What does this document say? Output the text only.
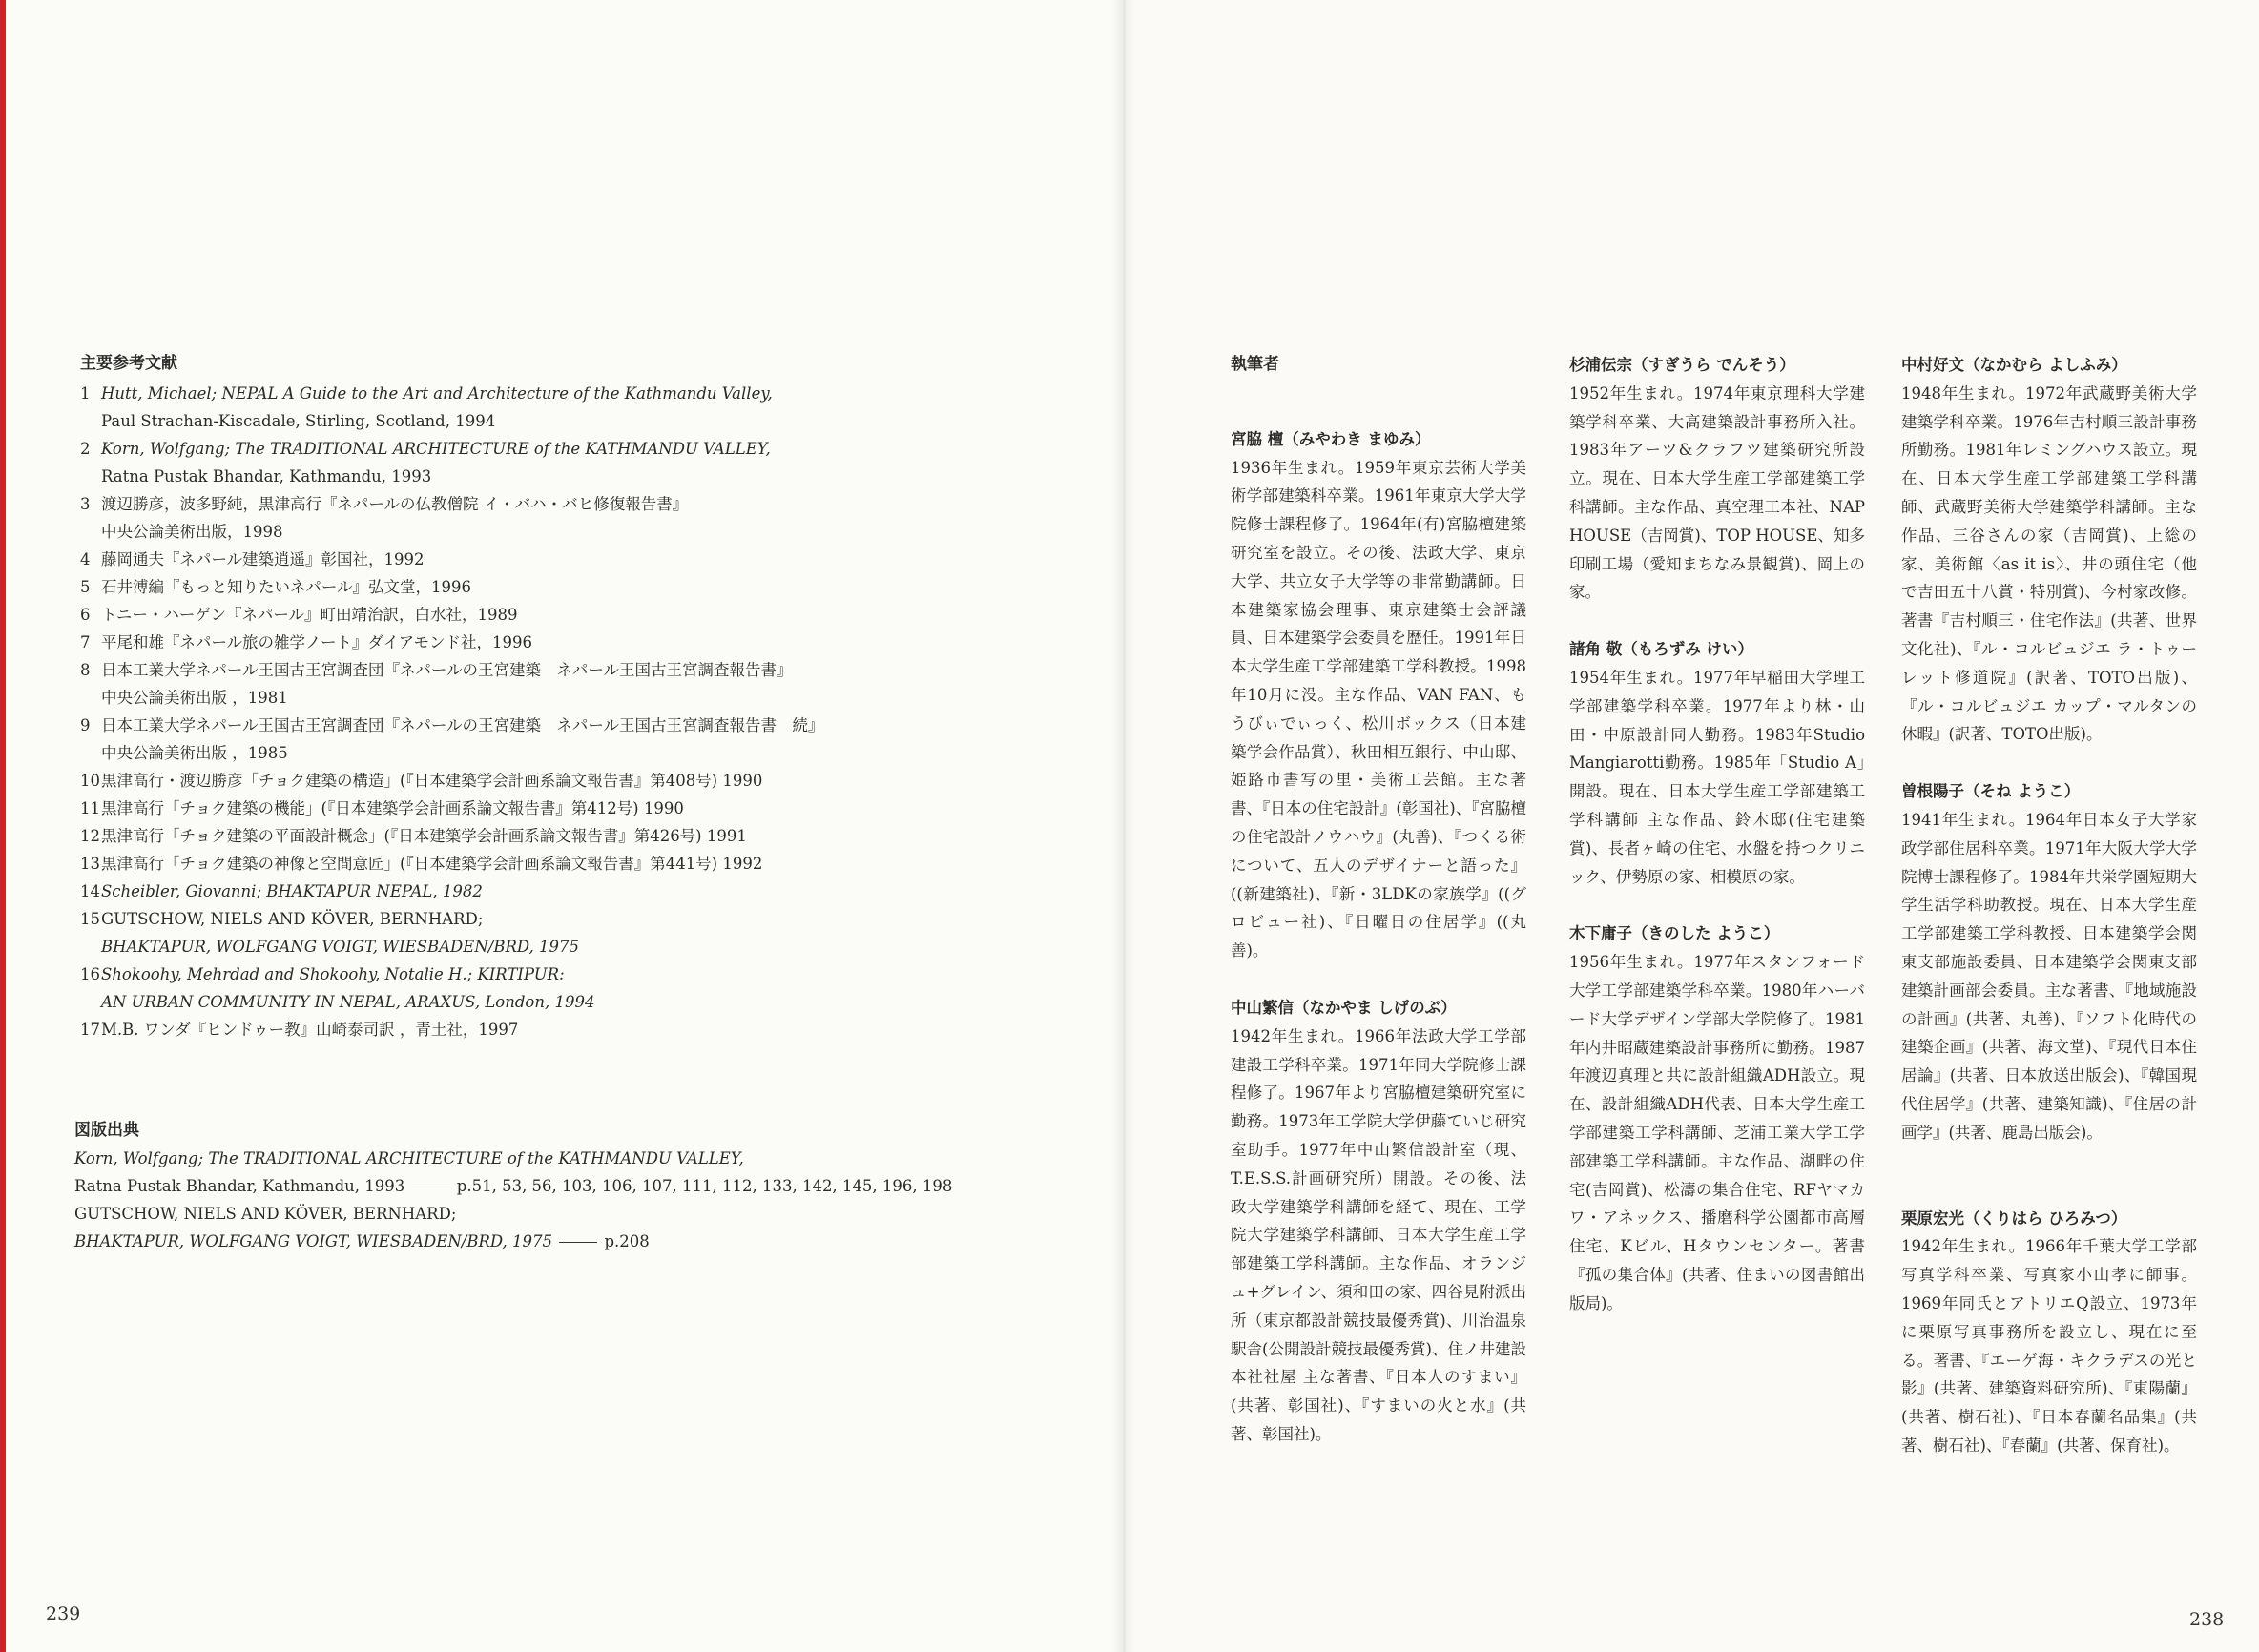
主要参考文献
1 Hutt, Michael; NEPAL A Guide to the Art and Architecture of the Kathmandu Valley,
Paul Strachan-Kiscadale, Stirling, Scotland, 1994
2 Korn, Wolfgang; The TRADITIONAL ARCHITECTURE of the KATHMANDU VALLEY,
Ratna Pustak Bhandar, Kathmandu, 1993
3 渡辺勝彦，波多野純，黒津高行『ネパールの仏教僧院 イ・バハ・バヒ修復報告書』
中央公論美術出版，1998
4 藤岡通夫『ネパール建築逍遥』彰国社，1992
5 石井溥編『もっと知りたいネパール』弘文堂，1996
6 トニー・ハーゲン『ネパール』町田靖治訳，白水社，1989
7 平尾和雄『ネパール旅の雑学ノート』ダイアモンド社，1996
8 日本工業大学ネパール王国古王宮調査団『ネパールの王宮建築　ネパール王国古王宮調査報告書』
中央公論美術出版 ，1981
9 日本工業大学ネパール王国古王宮調査団『ネパールの王宮建築　ネパール王国古王宮調査報告書　続』
中央公論美術出版 ，1985
10 黒津高行・渡辺勝彦「チョク建築の構造」(『日本建築学会計画系論文報告書』第408号) 1990
11 黒津高行「チョク建築の機能」(『日本建築学会計画系論文報告書』第412号) 1990
12 黒津高行「チョク建築の平面設計概念」(『日本建築学会計画系論文報告書』第426号) 1991
13 黒津高行「チョク建築の神像と空間意匠」(『日本建築学会計画系論文報告書』第441号) 1992
14 Scheibler, Giovanni; BHAKTAPUR NEPAL, 1982
15 GUTSCHOW, NIELS AND KÖVER, BERNHARD;
BHAKTAPUR, WOLFGANG VOIGT, WIESBADEN/BRD, 1975
16 Shokoohy, Mehrdad and Shokoohy, Notalie H.; KIRTIPUR:
AN URBAN COMMUNITY IN NEPAL, ARAXUS, London, 1994
17 M.B. ワンダ『ヒンドゥー教』山崎泰司訳 ，青土社，1997
図版出典
Korn, Wolfgang; The TRADITIONAL ARCHITECTURE of the KATHMANDU VALLEY,
Ratna Pustak Bhandar, Kathmandu, 1993	p.51, 53, 56, 103, 106, 107, 111, 112, 133, 142, 145, 196, 198
GUTSCHOW, NIELS AND KÖVER, BERNHARD;
BHAKTAPUR, WOLFGANG VOIGT, WIESBADEN/BRD, 1975	p.208
239
執筆者
宮脇 檀（みやわき まゆみ）

1936年生まれ。1959年東京芸術大学美術学部建築科卒業。1961年東京大学大学院修士課程修了。1964年(有)宮脇檀建築研究室を設立。その後、法政大学、東京大学、共立女子大学等の非常勤講師。日本建築家協会理事、東京建築士会評議員、日本建築学会委員を歴任。1991年日本大学生産工学部建築工学科教授。1998年10月に没。主な作品、VAN FAN、もうびぃでぃっく、松川ボックス（日本建築学会作品賞）、秋田相互銀行、中山邸、姫路市書写の里・美術工芸館。主な著書、『日本の住宅設計』(彰国社)、『宮脇檀の住宅設計ノウハウ』(丸善)、『つくる術について、五人のデザイナーと語った』((新建築社)、『新・3LDKの家族学』((グロビュー社)、『日曜日の住居学』((丸善)。

中山繁信（なかやま しげのぶ）

1942年生まれ。1966年法政大学工学部建設工学科卒業。1971年同大学院修士課程修了。1967年より宮脇檀建築研究室に勤務。1973年工学院大学伊藤ていじ研究室助手。1977年中山繁信設計室（現、T.E.S.S.計画研究所）開設。その後、法政大学建築学科講師を経て、現在、工学院大学建築学科講師、日本大学生産工学部建築工学科講師。主な作品、オランジュ+グレイン、須和田の家、四谷見附派出所（東京都設計競技最優秀賞)、川治温泉駅舎(公開設計競技最優秀賞)、住ノ井建設本社社屋 主な著書、『日本人のすまい』(共著、彰国社)、『すまいの火と水』(共著、彰国社)。

杉浦伝宗（すぎうら でんそう）

1952年生まれ。1974年東京理科大学建築学科卒業、大高建築設計事務所入社。1983年アーツ&クラフツ建築研究所設立。現在、日本大学生産工学部建築工学科講師。主な作品、真空理工本社、NAP HOUSE（吉岡賞)、TOP HOUSE、知多印刷工場（愛知まちなみ景観賞)、岡上の家。

諸角 敬（もろずみ けい）

1954年生まれ。1977年早稲田大学理工学部建築学科卒業。1977年より林・山田・中原設計同人勤務。1983年Studio Mangiarotti勤務。1985年「Studio A」開設。現在、日本大学生産工学部建築工学科講師 主な作品、鈴木邸(住宅建築賞)、長者ヶ崎の住宅、水盤を持つクリニック、伊勢原の家、相模原の家。

木下庸子（きのした ようこ）

1956年生まれ。1977年スタンフォード大学工学部建築学科卒業。1980年ハーバード大学デザイン学部大学院修了。1981年内井昭蔵建築設計事務所に勤務。1987年渡辺真理と共に設計組織ADH設立。現在、設計組織ADH代表、日本大学生産工学部建築工学科講師、芝浦工業大学工学部建築工学科講師。主な作品、湖畔の住宅(吉岡賞)、松濤の集合住宅、RFヤマカワ・アネックス、播磨科学公園都市高層住宅、Kビル、Hタウンセンター。著書『孤の集合体』(共著、住まいの図書館出版局)。

中村好文（なかむら よしふみ）

1948年生まれ。1972年武蔵野美術大学建築学科卒業。1976年吉村順三設計事務所勤務。1981年レミングハウス設立。現在、日本大学生産工学部建築工学科講師、武蔵野美術大学建築学科講師。主な作品、三谷さんの家（吉岡賞)、上総の家、美術館〈as it is〉、井の頭住宅（他で吉田五十八賞・特別賞)、今村家改修。著書『吉村順三・住宅作法』(共著、世界文化社)、『ル・コルビュジエ ラ・トゥーレット修道院』(訳著、TOTO出版)、『ル・コルビュジエ カップ・マルタンの休暇』(訳著、TOTO出版)。

曽根陽子（そね ようこ）

1941年生まれ。1964年日本女子大学家政学部住居科卒業。1971年大阪大学大学院博士課程修了。1984年共栄学園短期大学生活学科助教授。現在、日本大学生産工学部建築工学科教授、日本建築学会関東支部施設委員、日本建築学会関東支部建築計画部会委員。主な著書、『地域施設の計画』(共著、丸善)、『ソフト化時代の建築企画』(共著、海文堂)、『現代日本住居論』(共著、日本放送出版会)、『韓国現代住居学』(共著、建築知識)、『住居の計画学』(共著、鹿島出版会)。

栗原宏光（くりはら ひろみつ）

1942年生まれ。1966年千葉大学工学部写真学科卒業、写真家小山孝に師事。1969年同氏とアトリエQ設立、1973年に栗原写真事務所を設立し、現在に至る。著書、『エーゲ海・キクラデスの光と影』(共著、建築資料研究所)、『東陽蘭』(共著、樹石社)、『日本春蘭名品集』(共著、樹石社)、『春蘭』(共著、保育社)。

238
